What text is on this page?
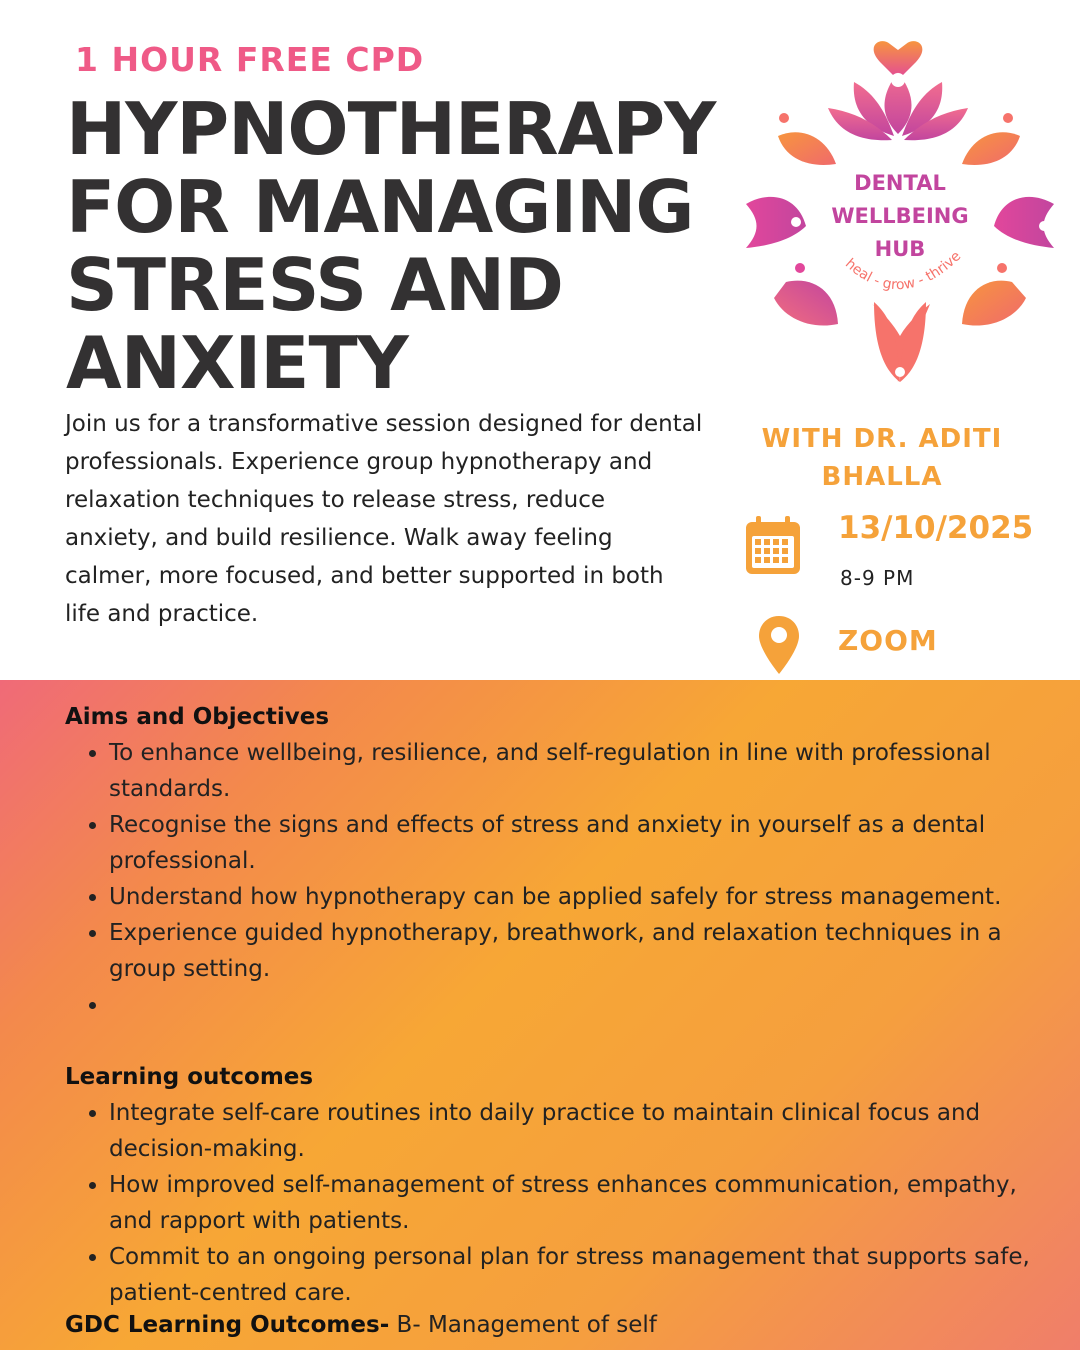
1 HOUR FREE CPD
HYPNOTHERAPY
FOR MANAGING
STRESS AND
ANXIETY

Join us for a transformative session designed for dental professionals. Experience group hypnotherapy and relaxation techniques to release stress, reduce anxiety, and build resilience. Walk away feeling calmer, more focused, and better supported in both life and practice.

DENTAL
WELLBEING
HUB
heal - grow - thrive
WITH DR. ADITI BHALLA
13/10/2025
8-9 PM
ZOOM
Aims and Objectives
• To enhance wellbeing, resilience, and self-regulation in line with professional standards.
• Recognise the signs and effects of stress and anxiety in yourself as a dental professional.
• Understand how hypnotherapy can be applied safely for stress management.
• Experience guided hypnotherapy, breathwork, and relaxation techniques in a group setting.
•
Learning outcomes
• Integrate self-care routines into daily practice to maintain clinical focus and decision-making.
• How improved self-management of stress enhances communication, empathy, and rapport with patients.
• Commit to an ongoing personal plan for stress management that supports safe, patient-centred care.

GDC Learning Outcomes- B- Management of self
